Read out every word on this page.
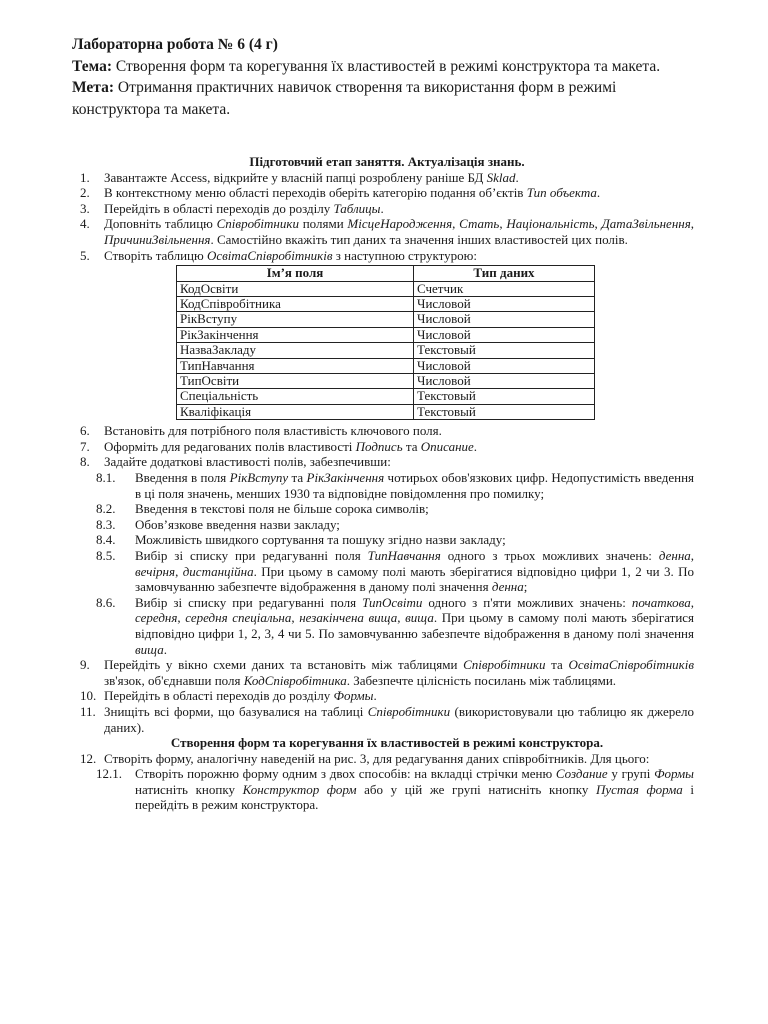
Лабораторна робота № 6 (4 г)

Тема: Створення форм та корегування їх властивостей в режимі конструктора та макета.

Мета: Отримання практичних навичок створення та використання форм в режимі конструктора та макета.

Підготовчий етап заняття. Актуалізація знань.
1. Завантажте Access, відкрийте у власній папці розроблену раніше БД Sklad.
2. В контекстному меню області переходів оберіть категорію подання об’єктів Тип объекта.
3. Перейдіть в області переходів до розділу Таблицы.
4. Доповніть таблицю Співробітники полями МісцеНародження, Стать, Національність, ДатаЗвільнення, ПричиниЗвільнення. Самостійно вкажіть тип даних та значення інших властивостей цих полів.
5. Створіть таблицю ОсвітаСпівробітників з наступною структурою:
Ім’я поля	Тип даних
КодОсвіти	Счетчик
КодСпівробітника	Числовой
РікВступу	Числовой
РікЗакінчення	Числовой
НазваЗакладу	Текстовый
ТипНавчання	Числовой
ТипОсвіти	Числовой
Спеціальність	Текстовый
Кваліфікація	Текстовый
6. Встановіть для потрібного поля властивість ключового поля.
7. Оформіть для редагованих полів властивості Подпись та Описание.
8. Задайте додаткові властивості полів, забезпечивши:
8.1. Введення в поля РікВступу та РікЗакінчення чотирьох обов'язкових цифр. Недопустимість введення в ці поля значень, менших 1930 та відповідне повідомлення про помилку;
8.2. Введення в текстові поля не більше сорока символів;
8.3. Обов’язкове введення назви закладу;
8.4. Можливість швидкого сортування та пошуку згідно назви закладу;
8.5. Вибір зі списку при редагуванні поля ТипНавчання одного з трьох можливих значень: денна, вечірня, дистанційна. При цьому в самому полі мають зберігатися відповідно цифри 1, 2 чи 3. По замовчуванню забезпечте відображення в даному полі значення денна;
8.6. Вибір зі списку при редагуванні поля ТипОсвіти одного з п'яти можливих значень: початкова, середня, середня спеціальна, незакінчена вища, вища. При цьому в самому полі мають зберігатися відповідно цифри 1, 2, 3, 4 чи 5. По замовчуванню забезпечте відображення в даному полі значення вища.
9. Перейдіть у вікно схеми даних та встановіть між таблицями Співробітники та ОсвітаСпівробітників зв'язок, об'єднавши поля КодСпівробітника. Забезпечте цілісність посилань між таблицями.
10. Перейдіть в області переходів до розділу Формы.
11. Знищіть всі форми, що базувалися на таблиці Співробітники (використовували цю таблицю як джерело даних).
Створення форм та корегування їх властивостей в режимі конструктора.
12. Створіть форму, аналогічну наведеній на рис. 3, для редагування даних співробітників. Для цього:
12.1. Створіть порожню форму одним з двох способів: на вкладці стрічки меню Создание у групі Формы натисніть кнопку Конструктор форм або у цій же групі натисніть кнопку Пустая форма і перейдіть в режим конструктора.
